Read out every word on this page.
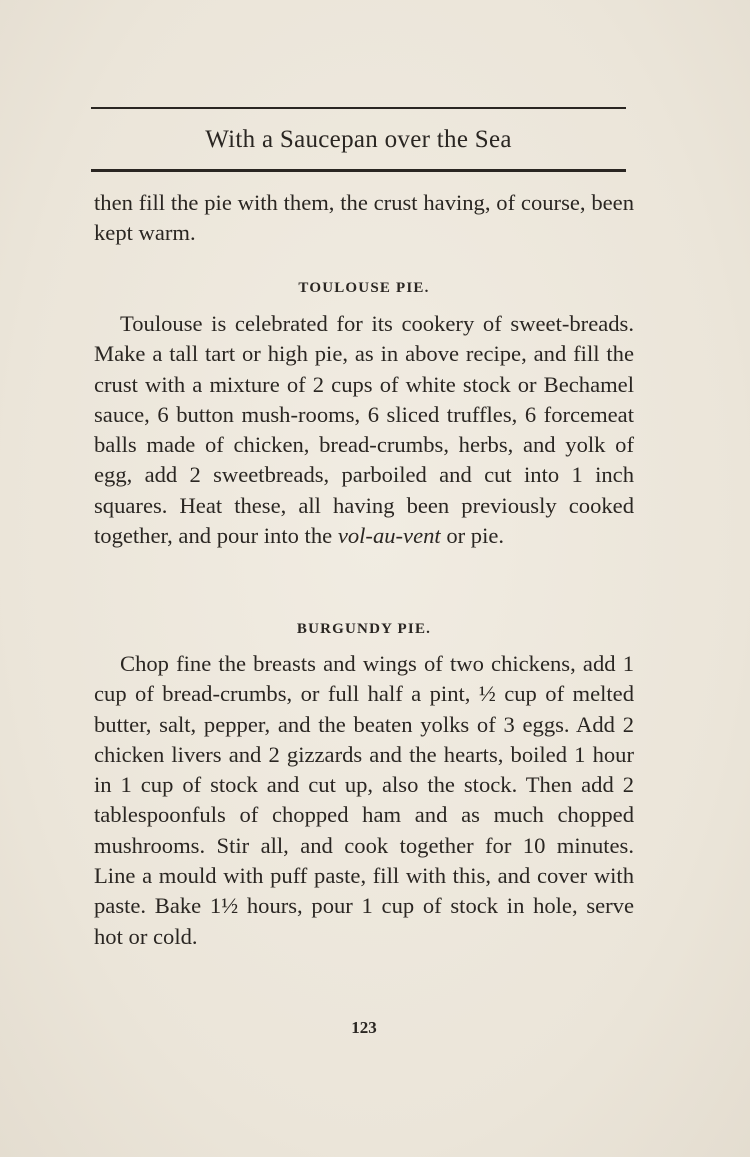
With a Saucepan over the Sea

then fill the pie with them, the crust having, of course, been kept warm.

TOULOUSE PIE.

Toulouse is celebrated for its cookery of sweet-breads. Make a tall tart or high pie, as in above recipe, and fill the crust with a mixture of 2 cups of white stock or Bechamel sauce, 6 button mush-rooms, 6 sliced truffles, 6 forcemeat balls made of chicken, bread-crumbs, herbs, and yolk of egg, add 2 sweetbreads, parboiled and cut into 1 inch squares. Heat these, all having been previously cooked together, and pour into the vol-au-vent or pie.

BURGUNDY PIE.

Chop fine the breasts and wings of two chickens, add 1 cup of bread-crumbs, or full half a pint, ½ cup of melted butter, salt, pepper, and the beaten yolks of 3 eggs. Add 2 chicken livers and 2 gizzards and the hearts, boiled 1 hour in 1 cup of stock and cut up, also the stock. Then add 2 tablespoonfuls of chopped ham and as much chopped mushrooms. Stir all, and cook together for 10 minutes. Line a mould with puff paste, fill with this, and cover with paste. Bake 1½ hours, pour 1 cup of stock in hole, serve hot or cold.

123
